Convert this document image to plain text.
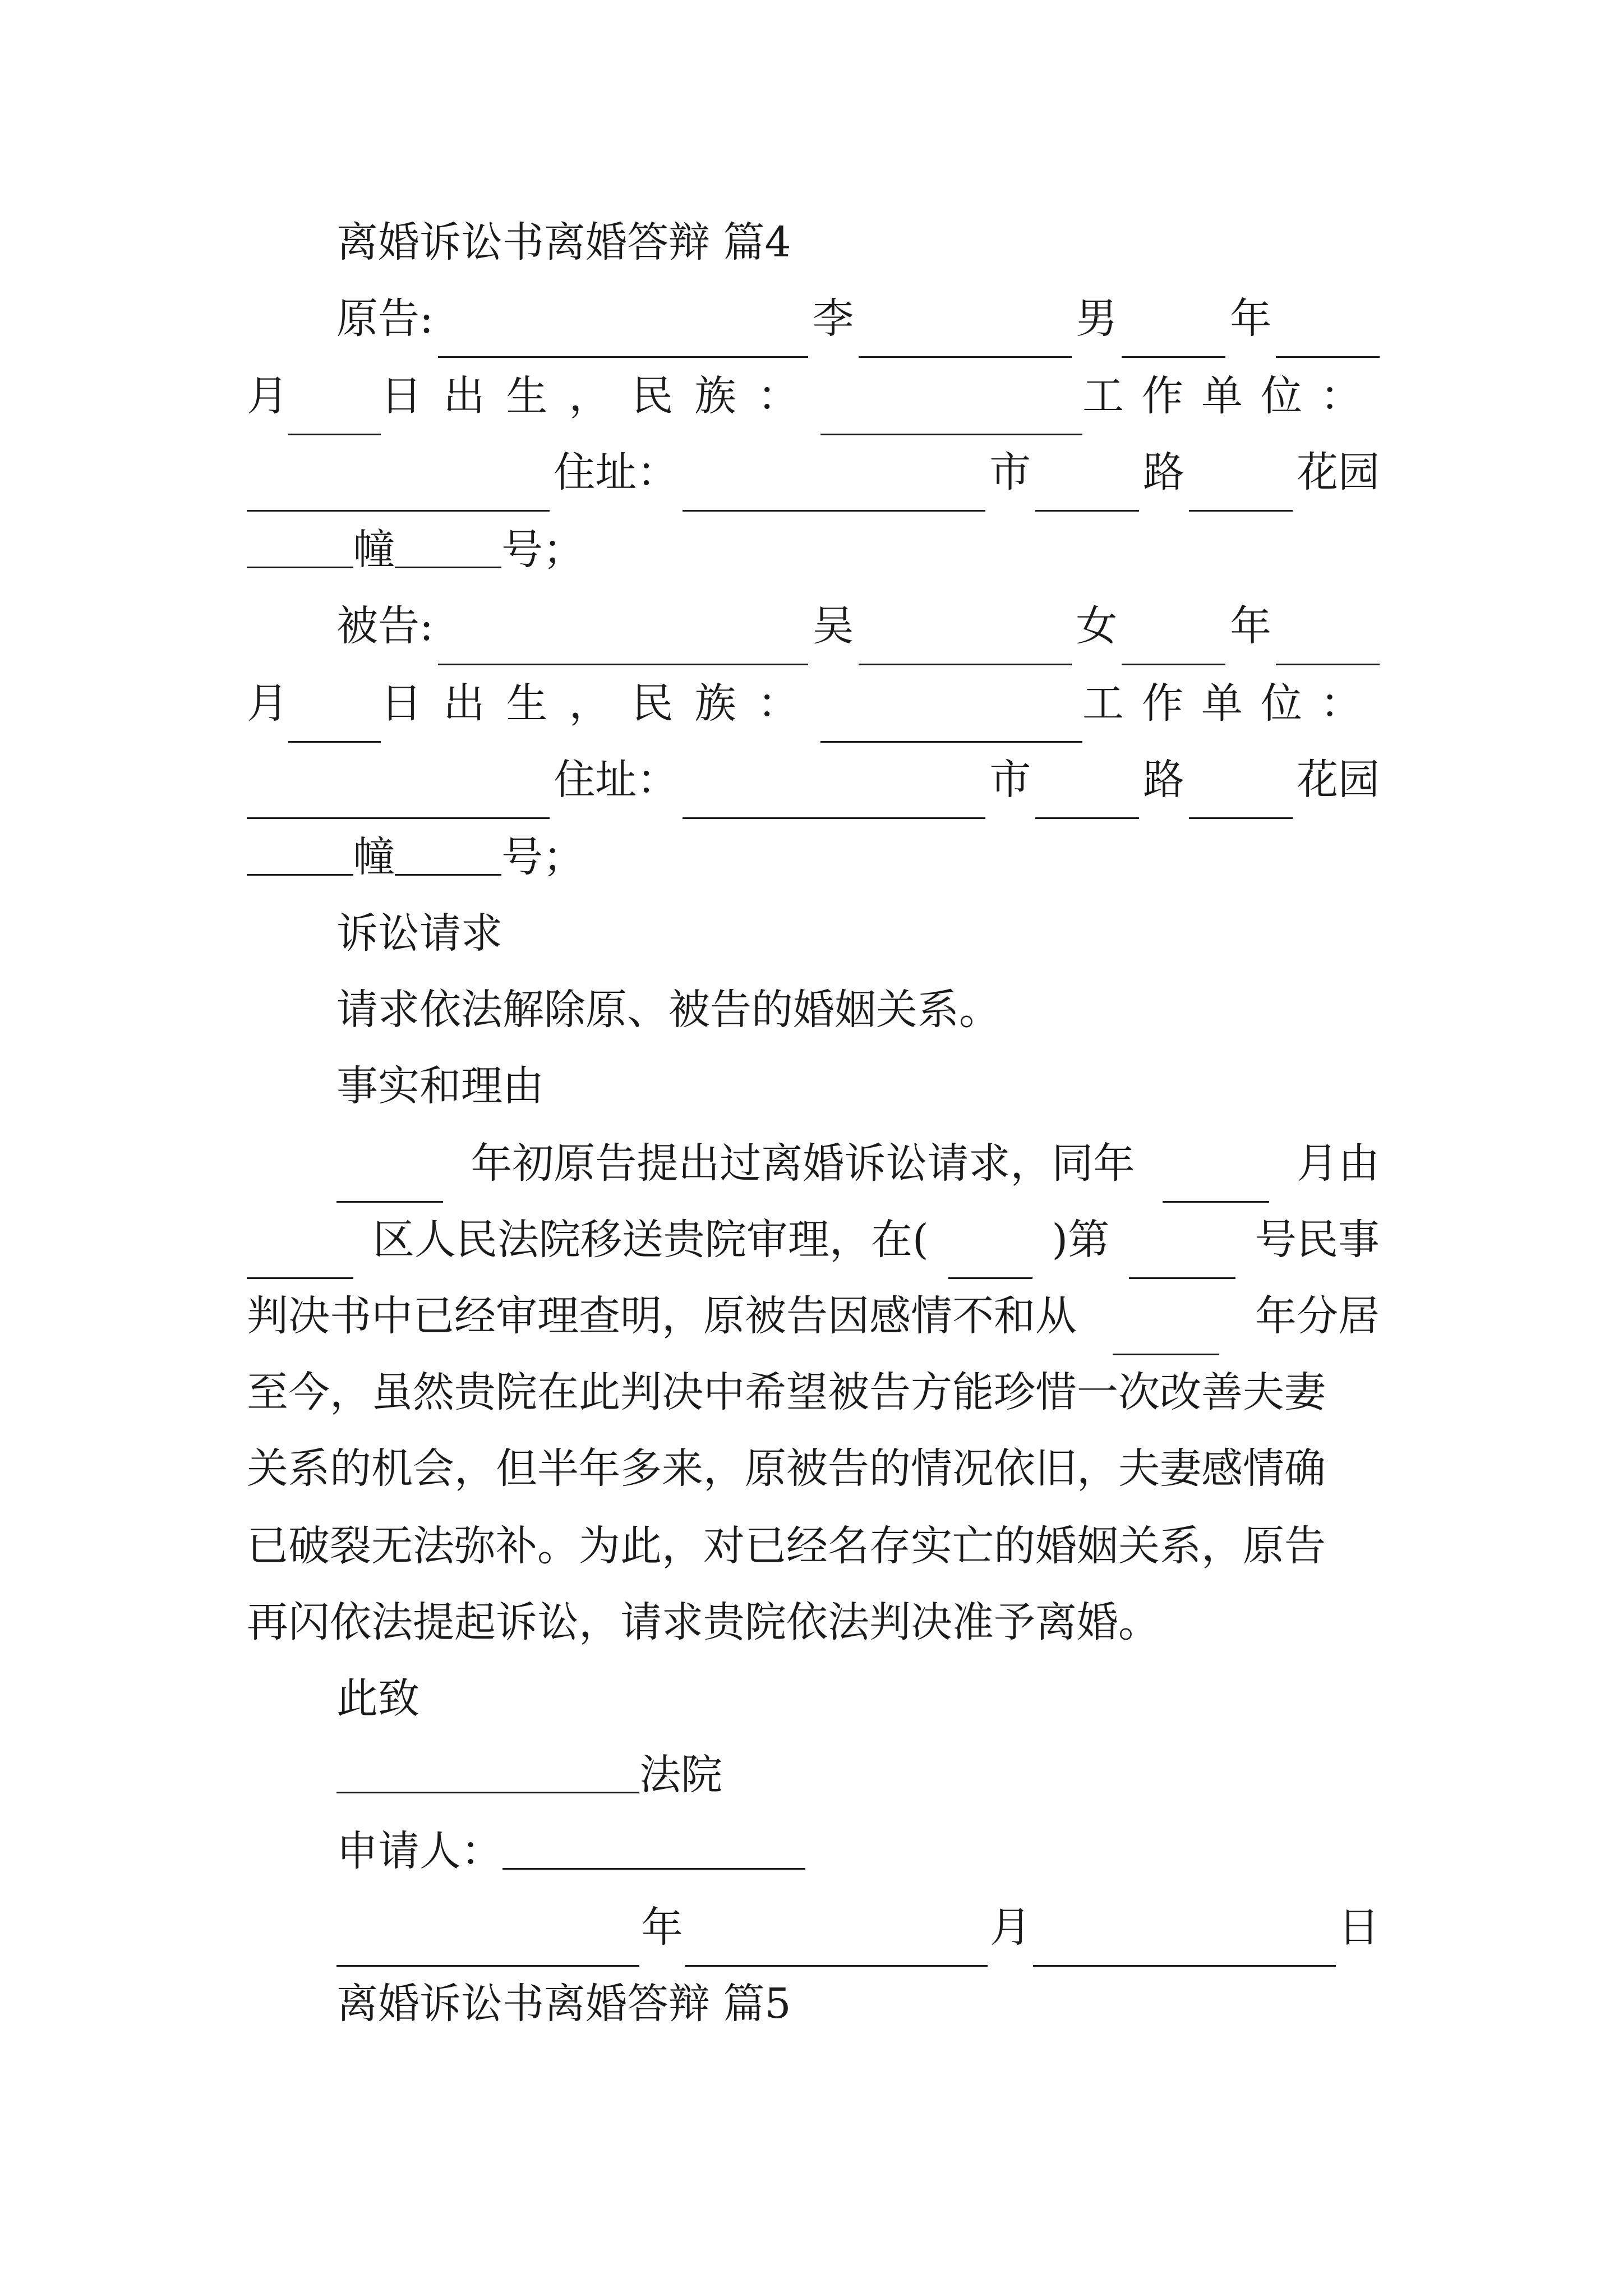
离婚诉讼书离婚答辩 篇4
原告:	李	男	年
月 日出生， 民族：	工作单位：
住址：	市	路	花园
幢	号；
被告:	吴	女	年
月 日出生， 民族：	工作单位：
住址：	市	路	花园
幢	号；
诉讼请求
请求依法解除原、被告的婚姻关系。
事实和理由
年初原告提出过离婚诉讼请求，同年	月由
区人民法院移送贵院审理，在(	)第	号民事
判决书中已经审理查明，原被告因感情不和从	年分居
至今，虽然贵院在此判决中希望被告方能珍惜一次改善夫妻
关系的机会，但半年多来，原被告的情况依旧，夫妻感情确
已破裂无法弥补。为此，对已经名存实亡的婚姻关系，原告
再闪依法提起诉讼，请求贵院依法判决准予离婚。
此致
法院
申请人：
年	月	日
离婚诉讼书离婚答辩 篇5
